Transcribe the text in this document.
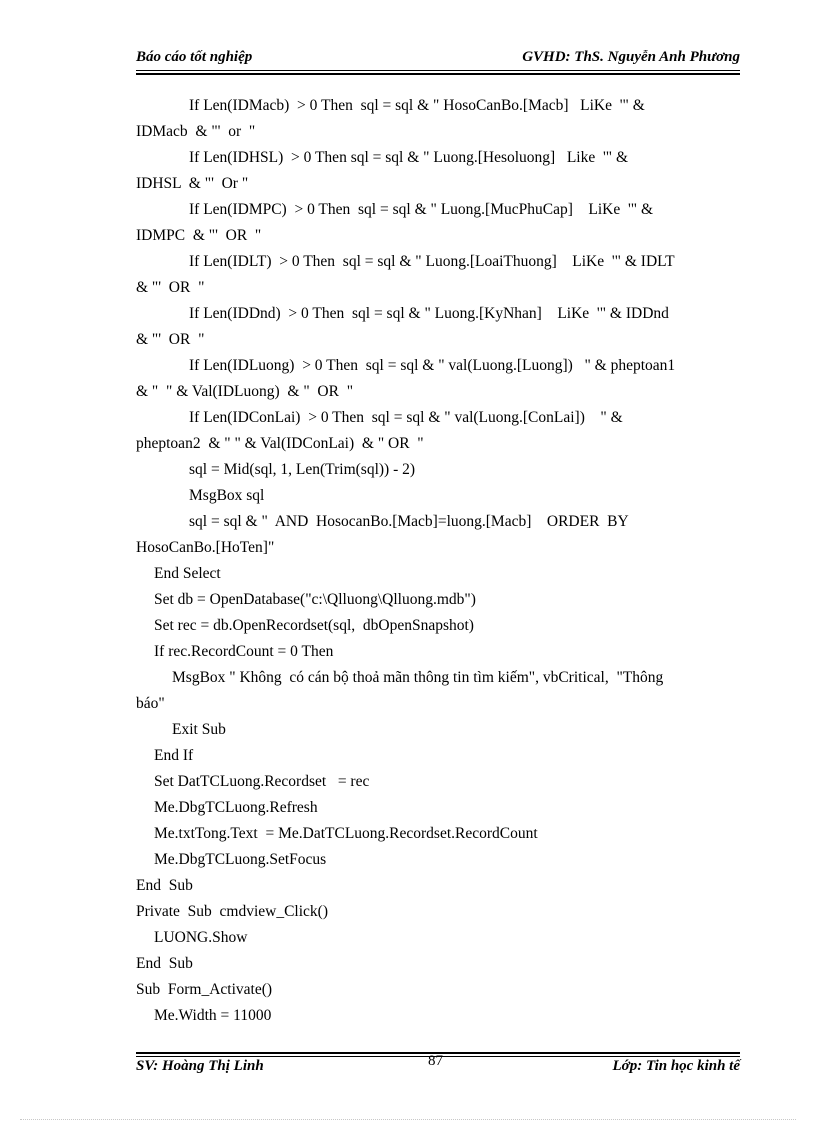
Báo cáo tốt nghiệp	GVHD: ThS. Nguyễn Anh Phương
If Len(IDMacb)  > 0 Then  sql = sql & " HosoCanBo.[Macb]   LiKe  '" &
IDMacb  & "'  or  "
If Len(IDHSL)  > 0 Then sql = sql & " Luong.[Hesoluong]   Like  '" &
IDHSL  & "'  Or "
If Len(IDMPC)  > 0 Then  sql = sql & " Luong.[MucPhuCap]    LiKe  '" &
IDMPC  & "'  OR  "
If Len(IDLT)  > 0 Then  sql = sql & " Luong.[LoaiThuong]    LiKe  '" & IDLT
& "'  OR  "
If Len(IDDnd)  > 0 Then  sql = sql & " Luong.[KyNhan]    LiKe  '" & IDDnd
& "'  OR  "
If Len(IDLuong)  > 0 Then  sql = sql & " val(Luong.[Luong])   " & pheptoan1
& "  " & Val(IDLuong)  & "  OR  "
If Len(IDConLai)  > 0 Then  sql = sql & " val(Luong.[ConLai])    " &
pheptoan2  & " " & Val(IDConLai)  & " OR  "
sql = Mid(sql, 1, Len(Trim(sql)) - 2)
MsgBox sql
sql = sql & "  AND  HosocanBo.[Macb]=luong.[Macb]    ORDER  BY
HosoCanBo.[HoTen]"
End Select
Set db = OpenDatabase("c:\Qlluong\Qlluong.mdb")
Set rec = db.OpenRecordset(sql,  dbOpenSnapshot)
If rec.RecordCount = 0 Then
MsgBox " Không  có cán bộ thoả mãn thông tin tìm kiếm", vbCritical,  "Thông
báo"
Exit Sub
End If
Set DatTCLuong.Recordset   = rec
Me.DbgTCLuong.Refresh
Me.txtTong.Text  = Me.DatTCLuong.Recordset.RecordCount
Me.DbgTCLuong.SetFocus
End  Sub
Private  Sub  cmdview_Click()
LUONG.Show
End  Sub
Sub  Form_Activate()
Me.Width = 11000
SV: Hoàng Thị Linh	87	Lớp: Tin học kinh tế
